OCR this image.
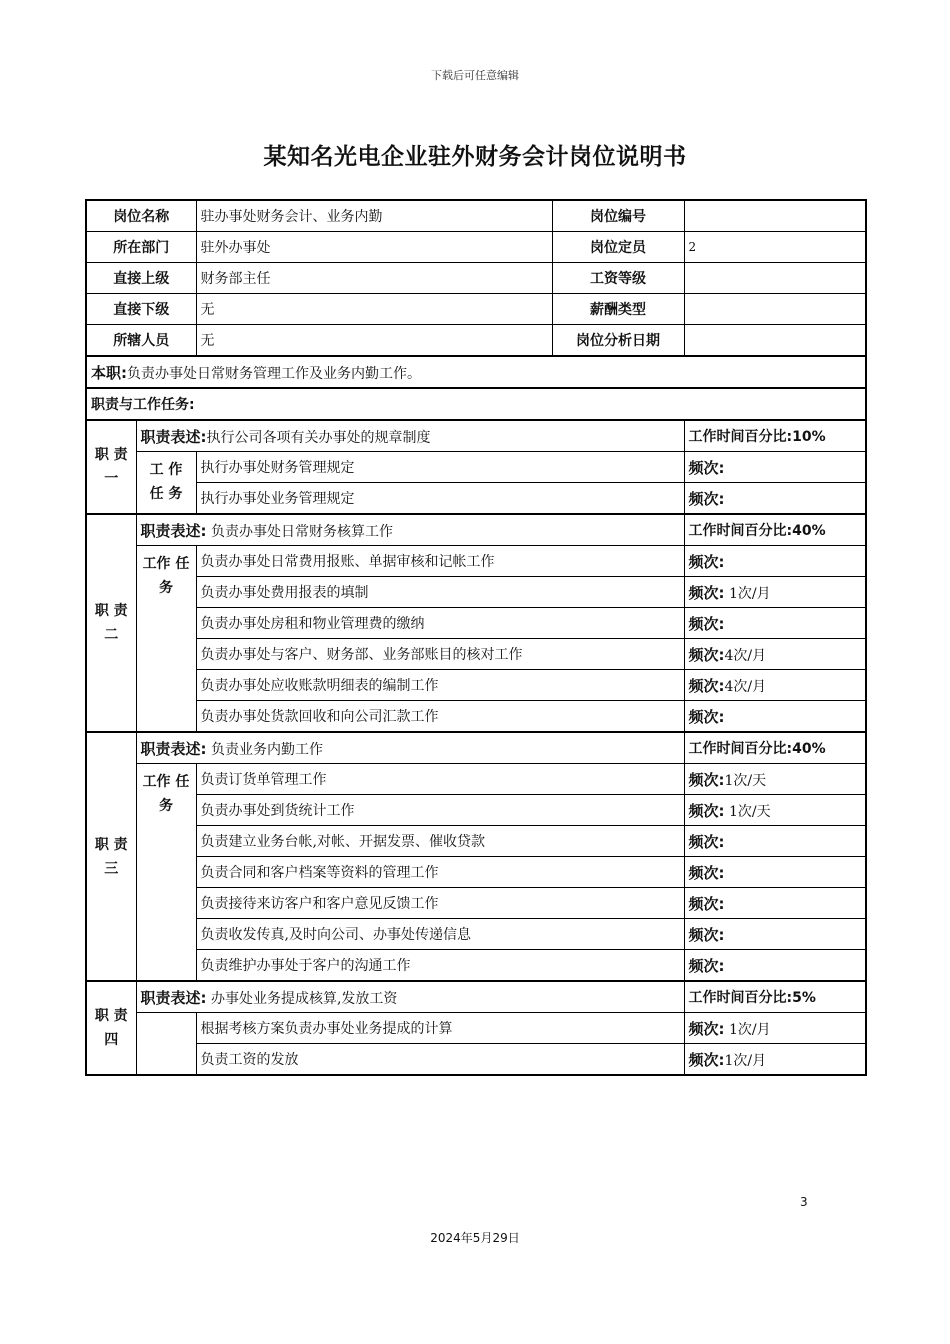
下载后可任意编辑
某知名光电企业驻外财务会计岗位说明书
岗位名称		驻办事处财务会计、业务内勤	岗位编号	
所在部门		驻外办事处	岗位定员	2
直接上级		财务部主任	工资等级	
直接下级		无	薪酬类型	
所辖人员		无	岗位分析日期	
本职:负责办事处日常财务管理工作及业务内勤工作。				
职责与工作任务:				
职 责 一	职责表述:执行公司各项有关办事处的规章制度			工作时间百分比:10%
	工 作 任 务	执行办事处财务管理规定		频次:
		执行办事处业务管理规定		频次:
职 责 二	职责表述: 负责办事处日常财务核算工作			工作时间百分比:40%
	工作 任务	负责办事处日常费用报账、单据审核和记帐工作		频次:
		负责办事处费用报表的填制		频次: 1次/月
		负责办事处房租和物业管理费的缴纳		频次:
		负责办事处与客户、财务部、业务部账目的核对工作		频次:4次/月
		负责办事处应收账款明细表的编制工作		频次:4次/月
		负责办事处货款回收和向公司汇款工作		频次:
职 责 三	职责表述: 负责业务内勤工作			工作时间百分比:40%
	工作 任务	负责订货单管理工作		频次:1次/天
		负责办事处到货统计工作		频次: 1次/天
		负责建立业务台帐,对帐、开据发票、催收贷款		频次:
		负责合同和客户档案等资料的管理工作		频次:
		负责接待来访客户和客户意见反馈工作		频次:
		负责收发传真,及时向公司、办事处传递信息		频次:
		负责维护办事处于客户的沟通工作		频次:
职 责 四	职责表述: 办事处业务提成核算,发放工资			工作时间百分比:5%
		根据考核方案负责办事处业务提成的计算		频次: 1次/月
		负责工资的发放		频次:1次/月
3
2024年5月29日
